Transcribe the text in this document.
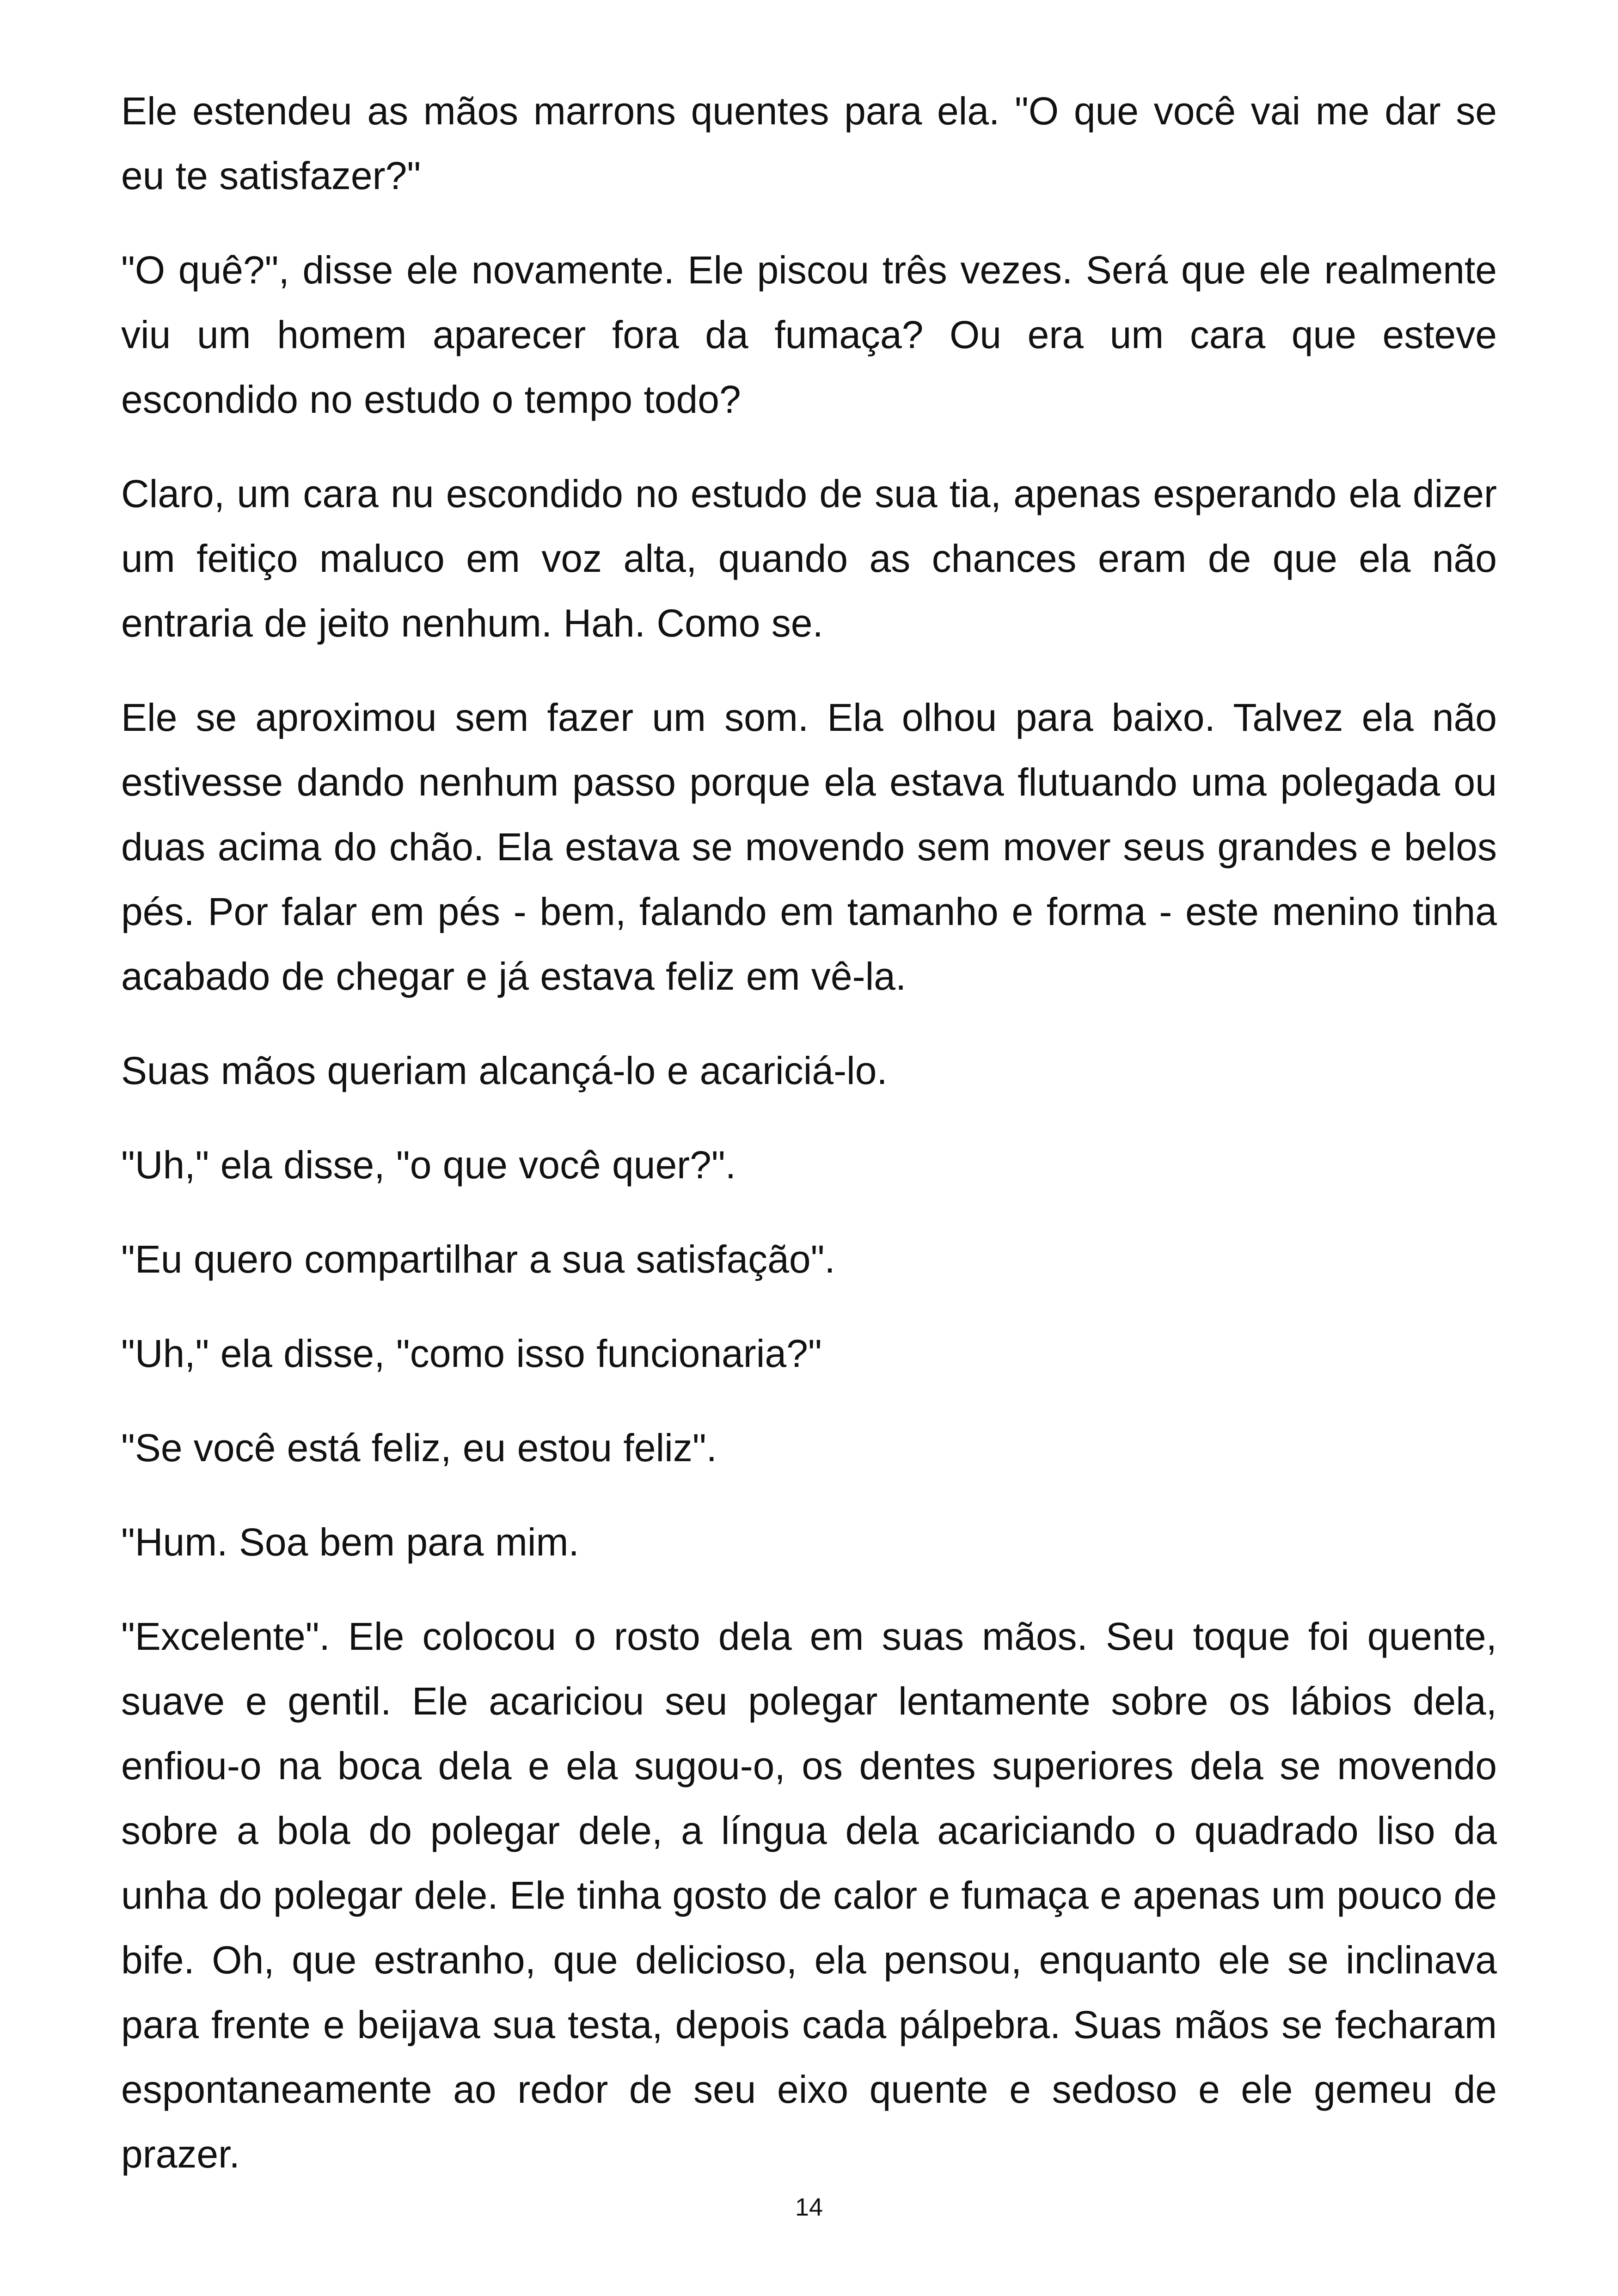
Ele estendeu as mãos marrons quentes para ela. "O que você vai me dar se eu te satisfazer?"

"O quê?", disse ele novamente. Ele piscou três vezes. Será que ele realmente viu um homem aparecer fora da fumaça? Ou era um cara que esteve escondido no estudo o tempo todo?

Claro, um cara nu escondido no estudo de sua tia, apenas esperando ela dizer um feitiço maluco em voz alta, quando as chances eram de que ela não entraria de jeito nenhum. Hah. Como se.

Ele se aproximou sem fazer um som. Ela olhou para baixo. Talvez ela não estivesse dando nenhum passo porque ela estava flutuando uma polegada ou duas acima do chão. Ela estava se movendo sem mover seus grandes e belos pés. Por falar em pés - bem, falando em tamanho e forma - este menino tinha acabado de chegar e já estava feliz em vê-la.

Suas mãos queriam alcançá-lo e acariciá-lo.

"Uh," ela disse, "o que você quer?".

"Eu quero compartilhar a sua satisfação".

"Uh," ela disse, "como isso funcionaria?"

"Se você está feliz, eu estou feliz".

"Hum. Soa bem para mim.

"Excelente". Ele colocou o rosto dela em suas mãos. Seu toque foi quente, suave e gentil. Ele acariciou seu polegar lentamente sobre os lábios dela, enfiou-o na boca dela e ela sugou-o, os dentes superiores dela se movendo sobre a bola do polegar dele, a língua dela acariciando o quadrado liso da unha do polegar dele. Ele tinha gosto de calor e fumaça e apenas um pouco de bife. Oh, que estranho, que delicioso, ela pensou, enquanto ele se inclinava para frente e beijava sua testa, depois cada pálpebra. Suas mãos se fecharam espontaneamente ao redor de seu eixo quente e sedoso e ele gemeu de prazer.

14
